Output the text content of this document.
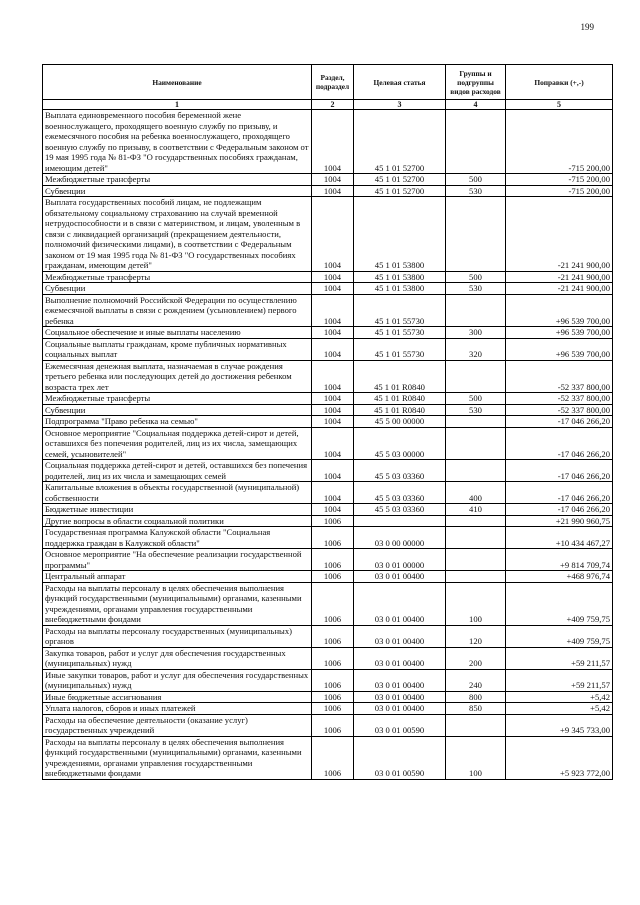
199
Наименование	Раздел, подраздел	Целевая статья	Группы и подгруппы видов расходов	Поправки (+,-)
1	2	3	4	5
Выплата единовременного пособия беременной жене военнослужащего, проходящего военную службу по призыву, и ежемесячного пособия на ребенка военнослужащего, проходящего военную службу по призыву, в соответствии с Федеральным законом от 19 мая 1995 года № 81-ФЗ "О государственных пособиях гражданам, имеющим детей"	1004	45 1 01 52700		-715 200,00
Межбюджетные трансферты	1004	45 1 01 52700	500	-715 200,00
Субвенции	1004	45 1 01 52700	530	-715 200,00
Выплата государственных пособий лицам, не подлежащим обязательному социальному страхованию на случай временной нетрудоспособности и в связи с материнством, и лицам, уволенным в связи с ликвидацией организаций (прекращением деятельности, полномочий физическими лицами), в соответствии с Федеральным законом от 19 мая 1995 года № 81-ФЗ "О государственных пособиях гражданам, имеющим детей"	1004	45 1 01 53800		-21 241 900,00
Межбюджетные трансферты	1004	45 1 01 53800	500	-21 241 900,00
Субвенции	1004	45 1 01 53800	530	-21 241 900,00
Выполнение полномочий Российской Федерации по осуществлению ежемесячной выплаты в связи с рождением (усыновлением) первого ребенка	1004	45 1 01 55730		+96 539 700,00
Социальное обеспечение и иные выплаты населению	1004	45 1 01 55730	300	+96 539 700,00
Социальные выплаты гражданам, кроме публичных нормативных социальных выплат	1004	45 1 01 55730	320	+96 539 700,00
Ежемесячная денежная выплата, назначаемая в случае рождения третьего ребенка или последующих детей до достижения ребенком возраста трех лет	1004	45 1 01 R0840		-52 337 800,00
Межбюджетные трансферты	1004	45 1 01 R0840	500	-52 337 800,00
Субвенции	1004	45 1 01 R0840	530	-52 337 800,00
Подпрограмма "Право ребенка на семью"	1004	45 5 00 00000		-17 046 266,20
Основное мероприятие "Социальная поддержка детей-сирот и детей, оставшихся без попечения родителей, лиц из их числа, замещающих семей, усыновителей"	1004	45 5 03 00000		-17 046 266,20
Социальная поддержка детей-сирот и детей, оставшихся без попечения родителей, лиц из их числа и замещающих семей	1004	45 5 03 03360		-17 046 266,20
Капитальные вложения в объекты государственной (муниципальной) собственности	1004	45 5 03 03360	400	-17 046 266,20
Бюджетные инвестиции	1004	45 5 03 03360	410	-17 046 266,20
Другие вопросы в области социальной политики	1006			+21 990 960,75
Государственная программа Калужской области "Социальная поддержка граждан в Калужской области"	1006	03 0 00 00000		+10 434 467,27
Основное мероприятие "На обеспечение реализации государственной программы"	1006	03 0 01 00000		+9 814 709,74
Центральный аппарат	1006	03 0 01 00400		+468 976,74
Расходы на выплаты персоналу в целях обеспечения выполнения функций государственными (муниципальными) органами, казенными учреждениями, органами управления государственными внебюджетными фондами	1006	03 0 01 00400	100	+409 759,75
Расходы на выплаты персоналу государственных (муниципальных) органов	1006	03 0 01 00400	120	+409 759,75
Закупка товаров, работ и услуг для обеспечения государственных (муниципальных) нужд	1006	03 0 01 00400	200	+59 211,57
Иные закупки товаров, работ и услуг для обеспечения государственных (муниципальных) нужд	1006	03 0 01 00400	240	+59 211,57
Иные бюджетные ассигнования	1006	03 0 01 00400	800	+5,42
Уплата налогов, сборов и иных платежей	1006	03 0 01 00400	850	+5,42
Расходы на обеспечение деятельности (оказание услуг) государственных учреждений	1006	03 0 01 00590		+9 345 733,00
Расходы на выплаты персоналу в целях обеспечения выполнения функций государственными (муниципальными) органами, казенными учреждениями, органами управления государственными внебюджетными фондами	1006	03 0 01 00590	100	+5 923 772,00
